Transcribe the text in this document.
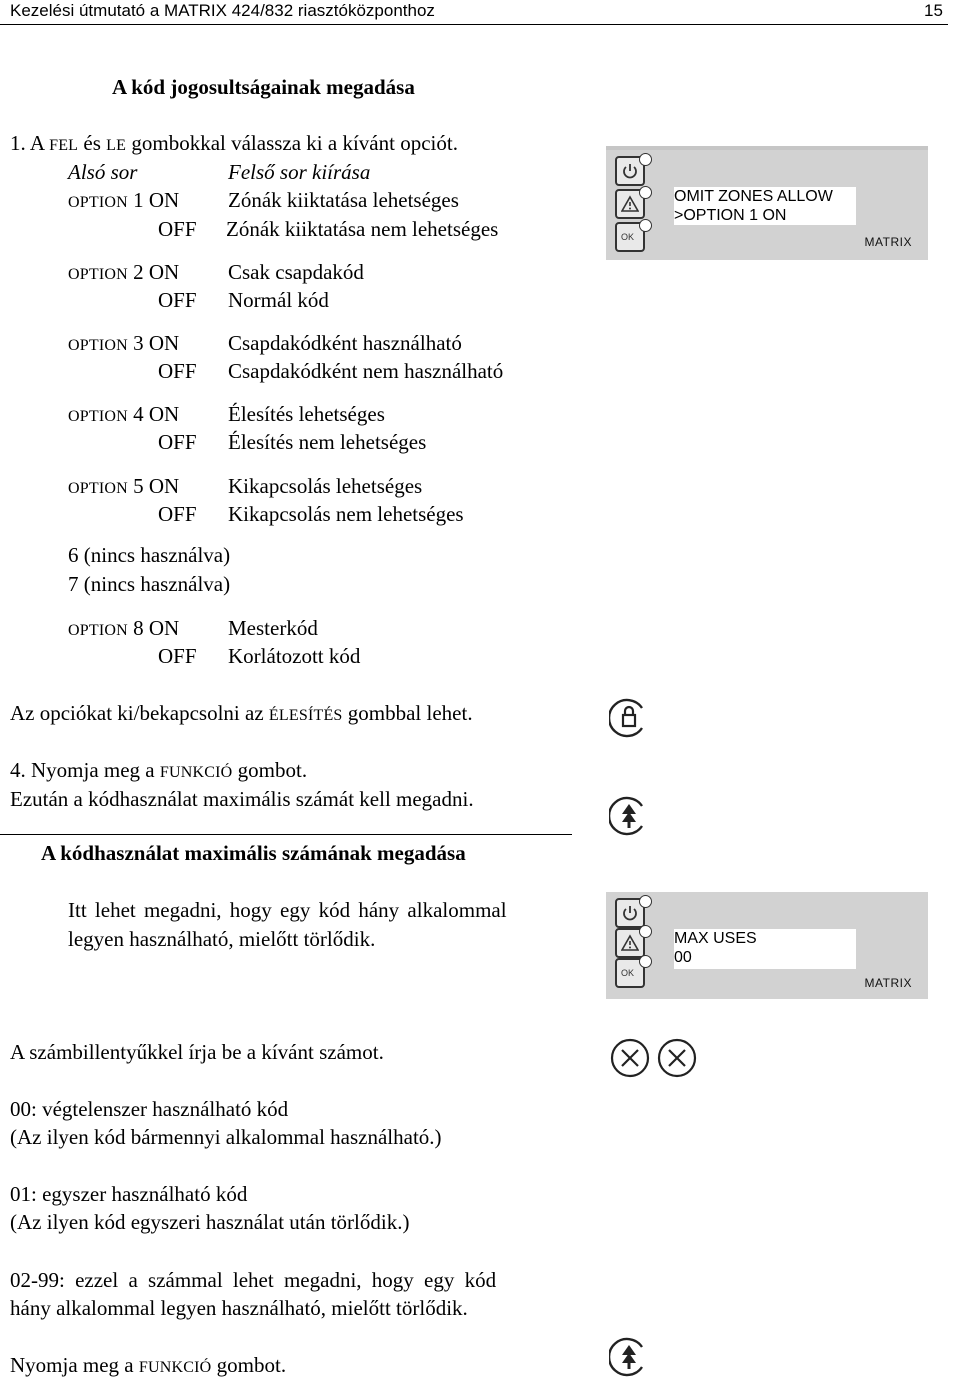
Kezelési útmutató a MATRIX 424/832 riasztóközponthoz	15
A kód jogosultságainak megadása
1. A FEL és LE gombokkal válassza ki a kívánt opciót.
Alsó sor	Felső sor kiírása
OPTION 1 ON Zónák kiiktatása lehetséges
OFF Zónák kiiktatása nem lehetséges
OPTION 2 ON Csak csapdakód
OFF Normál kód
OPTION 3 ON Csapdakódként használható
OFF Csapdakódként nem használható
OPTION 4 ON Élesítés lehetséges
OFF Élesítés nem lehetséges
OPTION 5 ON Kikapcsolás lehetséges
OFF Kikapcsolás nem lehetséges
6 (nincs használva)
7 (nincs használva)
OPTION 8 ON Mesterkód
OFF Korlátozott kód
OK
OMIT ZONES ALLOW
>OPTION 1 ON
MATRIX
Az opciókat ki/bekapcsolni az ÉLESÍTÉS gombbal lehet.
4. Nyomja meg a FUNKCIÓ gombot.
Ezután a kódhasználat maximális számát kell megadni.
A kódhasználat maximális számának megadása
Itt lehet megadni, hogy egy kód hány alkalommal
legyen használható, mielőtt törlődik.
OK
MAX USES
00
MATRIX
A számbillentyűkkel írja be a kívánt számot.
00: végtelenszer használható kód
(Az ilyen kód bármennyi alkalommal használható.)
01: egyszer használható kód
(Az ilyen kód egyszeri használat után törlődik.)
02-99: ezzel a számmal lehet megadni, hogy egy kód
hány alkalommal legyen használható, mielőtt törlődik.
Nyomja meg a FUNKCIÓ gombot.
